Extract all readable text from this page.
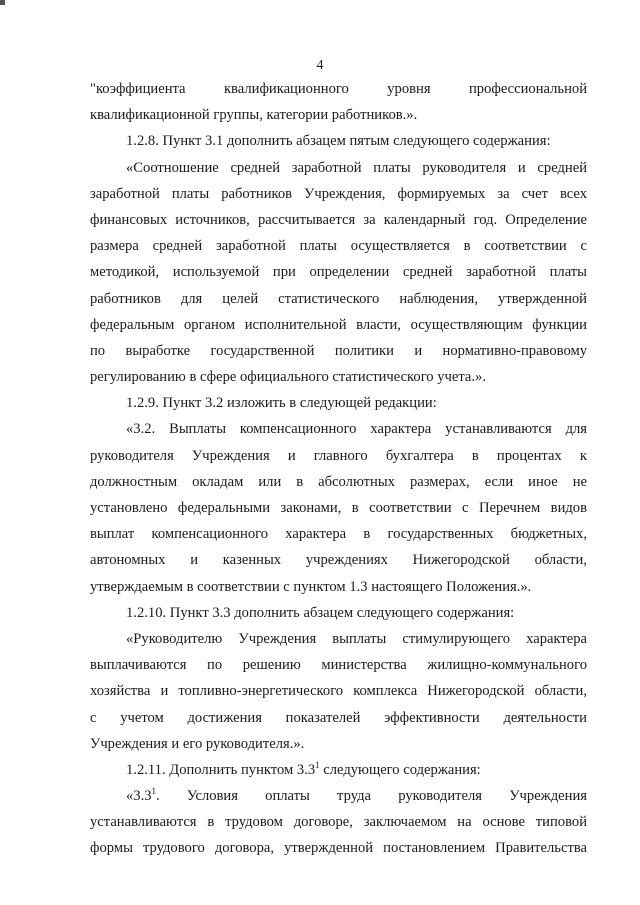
4
"коэффициента квалификационного уровня профессиональной
квалификационной группы, категории работников.».
1.2.8. Пункт 3.1 дополнить абзацем пятым следующего содержания:
«Соотношение средней заработной платы руководителя и средней
заработной платы работников Учреждения, формируемых за счет всех
финансовых источников, рассчитывается за календарный год. Определение
размера средней заработной платы осуществляется в соответствии с
методикой, используемой при определении средней заработной платы
работников для целей статистического наблюдения, утвержденной
федеральным органом исполнительной власти, осуществляющим функции
по выработке государственной политики и нормативно-правовому
регулированию в сфере официального статистического учета.».
1.2.9. Пункт 3.2 изложить в следующей редакции:
«3.2. Выплаты компенсационного характера устанавливаются для
руководителя Учреждения и главного бухгалтера в процентах к
должностным окладам или в абсолютных размерах, если иное не
установлено федеральными законами, в соответствии с Перечнем видов
выплат компенсационного характера в государственных бюджетных,
автономных и казенных учреждениях Нижегородской области,
утверждаемым в соответствии с пунктом 1.3 настоящего Положения.».
1.2.10. Пункт 3.3 дополнить абзацем следующего содержания:
«Руководителю Учреждения выплаты стимулирующего характера
выплачиваются по решению министерства жилищно-коммунального
хозяйства и топливно-энергетического комплекса Нижегородской области,
с учетом достижения показателей эффективности деятельности
Учреждения и его руководителя.».
1.2.11. Дополнить пунктом $3.3^1$ следующего содержания:
«$3.3^1$. Условия оплаты труда руководителя Учреждения
устанавливаются в трудовом договоре, заключаемом на основе типовой
формы трудового договора, утвержденной постановлением Правительства
